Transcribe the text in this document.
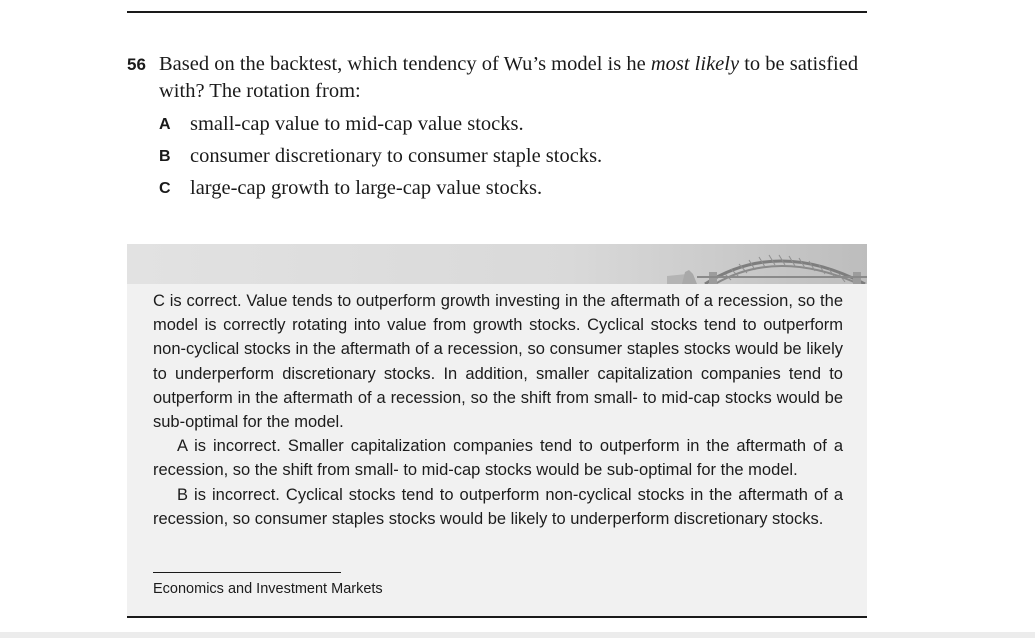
56 Based on the backtest, which tendency of Wu’s model is he most likely to be satisfied with? The rotation from:
A small-cap value to mid-cap value stocks.
B consumer discretionary to consumer staple stocks.
C large-cap growth to large-cap value stocks.

C is correct. Value tends to outperform growth investing in the aftermath of a recession, so the model is correctly rotating into value from growth stocks. Cyclical stocks tend to outperform non-cyclical stocks in the aftermath of a recession, so consumer staples stocks would be likely to underperform discretionary stocks. In addition, smaller capitalization companies tend to outperform in the aftermath of a recession, so the shift from small- to mid-cap stocks would be sub-optimal for the model.

A is incorrect. Smaller capitalization companies tend to outperform in the aftermath of a recession, so the shift from small- to mid-cap stocks would be sub-optimal for the model.

B is incorrect. Cyclical stocks tend to outperform non-cyclical stocks in the aftermath of a recession, so consumer staples stocks would be likely to underperform discretionary stocks.

Economics and Investment Markets
